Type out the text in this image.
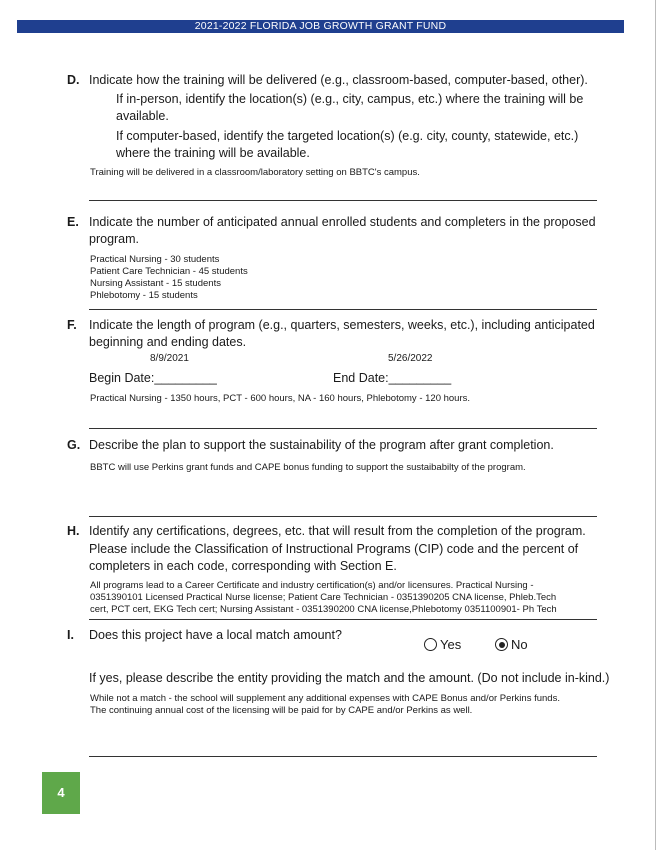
2021-2022 FLORIDA JOB GROWTH GRANT FUND
D. Indicate how the training will be delivered (e.g., classroom-based, computer-based, other).
If in-person, identify the location(s) (e.g., city, campus, etc.) where the training will be
available.
If computer-based, identify the targeted location(s) (e.g. city, county, statewide, etc.)
where the training will be available.
Training will be delivered in a classroom/laboratory setting on BBTC's campus.
E. Indicate the number of anticipated annual enrolled students and completers in the proposed
program.
Practical Nursing - 30 students
Patient Care Technician - 45 students
Nursing Assistant - 15 students
Phlebotomy - 15 students
F. Indicate the length of program (e.g., quarters, semesters, weeks, etc.), including anticipated
beginning and ending dates.
8/9/2021	5/26/2022
Begin Date:_________	End Date:_________
Practical Nursing - 1350 hours, PCT - 600 hours, NA - 160 hours, Phlebotomy - 120 hours.
G. Describe the plan to support the sustainability of the program after grant completion.
BBTC will use Perkins grant funds and CAPE bonus funding to support the sustaibabilty of the program.
H. Identify any certifications, degrees, etc. that will result from the completion of the program.
Please include the Classification of Instructional Programs (CIP) code and the percent of
completers in each code, corresponding with Section E.
All programs lead to a Career Certificate and industry certification(s) and/or licensures. Practical Nursing -
0351390101 Licensed Practical Nurse license; Patient Care Technician - 0351390205 CNA license, Phleb.Tech
cert, PCT cert, EKG Tech cert; Nursing Assistant - 0351390200 CNA license,Phlebotomy 0351100901- Ph Tech
I. Does this project have a local match amount?
Yes	No
If yes, please describe the entity providing the match and the amount. (Do not include in-kind.)
While not a match - the school will supplement any additional expenses with CAPE Bonus and/or Perkins funds.
The continuing annual cost of the licensing will be paid for by CAPE and/or Perkins as well.
4
